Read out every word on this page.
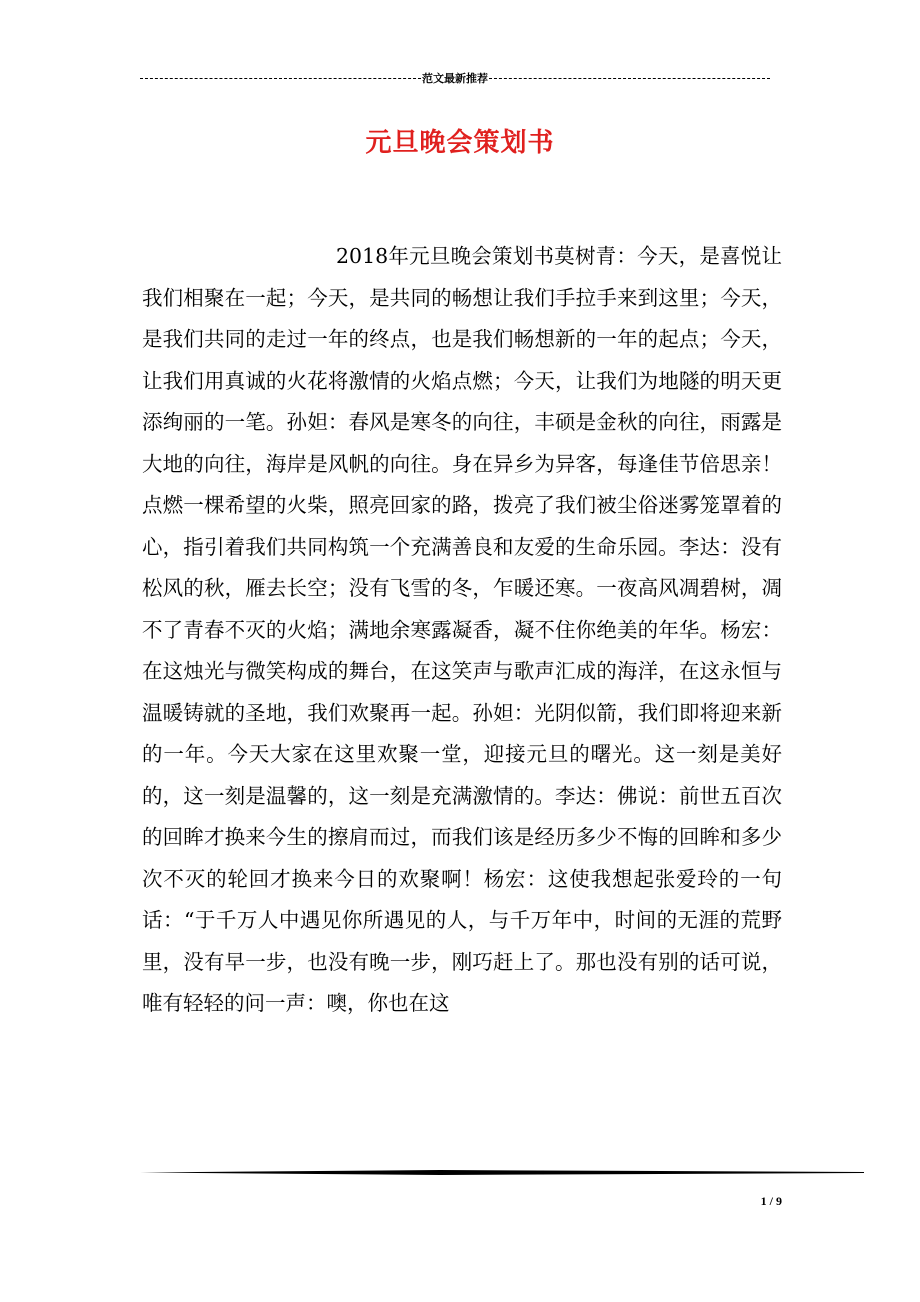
范文最新推荐
元旦晚会策划书

2018年元旦晚会策划书莫树青：今天，是喜悦让我们相聚在一起；今天，是共同的畅想让我们手拉手来到这里；今天，是我们共同的走过一年的终点，也是我们畅想新的一年的起点；今天，让我们用真诚的火花将激情的火焰点燃；今天，让我们为地隧的明天更添绚丽的一笔。孙妲：春风是寒冬的向往，丰硕是金秋的向往，雨露是大地的向往，海岸是风帆的向往。身在异乡为异客，每逢佳节倍思亲！点燃一棵希望的火柴，照亮回家的路，拨亮了我们被尘俗迷雾笼罩着的心，指引着我们共同构筑一个充满善良和友爱的生命乐园。李达：没有松风的秋，雁去长空；没有飞雪的冬，乍暖还寒。一夜高风凋碧树，凋不了青春不灭的火焰；满地余寒露凝香，凝不住你绝美的年华。杨宏：在这烛光与微笑构成的舞台，在这笑声与歌声汇成的海洋，在这永恒与温暖铸就的圣地，我们欢聚再一起。孙妲：光阴似箭，我们即将迎来新的一年。今天大家在这里欢聚一堂，迎接元旦的曙光。这一刻是美好的，这一刻是温馨的，这一刻是充满激情的。李达：佛说：前世五百次的回眸才换来今生的擦肩而过，而我们该是经历多少不悔的回眸和多少次不灭的轮回才换来今日的欢聚啊！杨宏：这使我想起张爱玲的一句话：“于千万人中遇见你所遇见的人，与千万年中，时间的无涯的荒野里，没有早一步，也没有晚一步，刚巧赶上了。那也没有别的话可说，唯有轻轻的问一声：噢，你也在这

1 / 9
